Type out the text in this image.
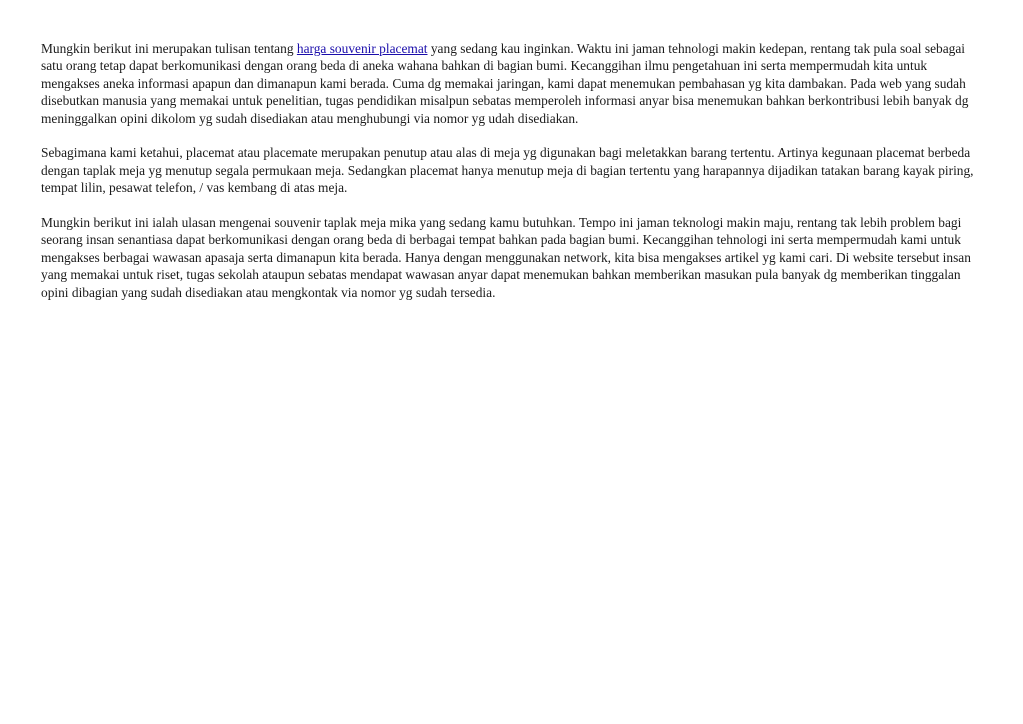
Mungkin berikut ini merupakan tulisan tentang harga souvenir placemat yang sedang kau inginkan. Waktu ini jaman tehnologi makin kedepan, rentang tak pula soal sebagai satu orang tetap dapat berkomunikasi dengan orang beda di aneka wahana bahkan di bagian bumi. Kecanggihan ilmu pengetahuan ini serta mempermudah kita untuk mengakses aneka informasi apapun dan dimanapun kami berada. Cuma dg memakai jaringan, kami dapat menemukan pembahasan yg kita dambakan. Pada web yang sudah disebutkan manusia yang memakai untuk penelitian, tugas pendidikan misalpun sebatas memperoleh informasi anyar bisa menemukan bahkan berkontribusi lebih banyak dg meninggalkan opini dikolom yg sudah disediakan atau menghubungi via nomor yg udah disediakan.

Sebagimana kami ketahui, placemat atau placemate merupakan penutup atau alas di meja yg digunakan bagi meletakkan barang tertentu. Artinya kegunaan placemat berbeda dengan taplak meja yg menutup segala permukaan meja. Sedangkan placemat hanya menutup meja di bagian tertentu yang harapannya dijadikan tatakan barang kayak piring, tempat lilin, pesawat telefon, / vas kembang di atas meja.

Mungkin berikut ini ialah ulasan mengenai souvenir taplak meja mika yang sedang kamu butuhkan. Tempo ini jaman teknologi makin maju, rentang tak lebih problem bagi seorang insan senantiasa dapat berkomunikasi dengan orang beda di berbagai tempat bahkan pada bagian bumi. Kecanggihan tehnologi ini serta mempermudah kami untuk mengakses berbagai wawasan apasaja serta dimanapun kita berada. Hanya dengan menggunakan network, kita bisa mengakses artikel yg kami cari. Di website tersebut insan yang memakai untuk riset, tugas sekolah ataupun sebatas mendapat wawasan anyar dapat menemukan bahkan memberikan masukan pula banyak dg memberikan tinggalan opini dibagian yang sudah disediakan atau mengkontak via nomor yg sudah tersedia.
